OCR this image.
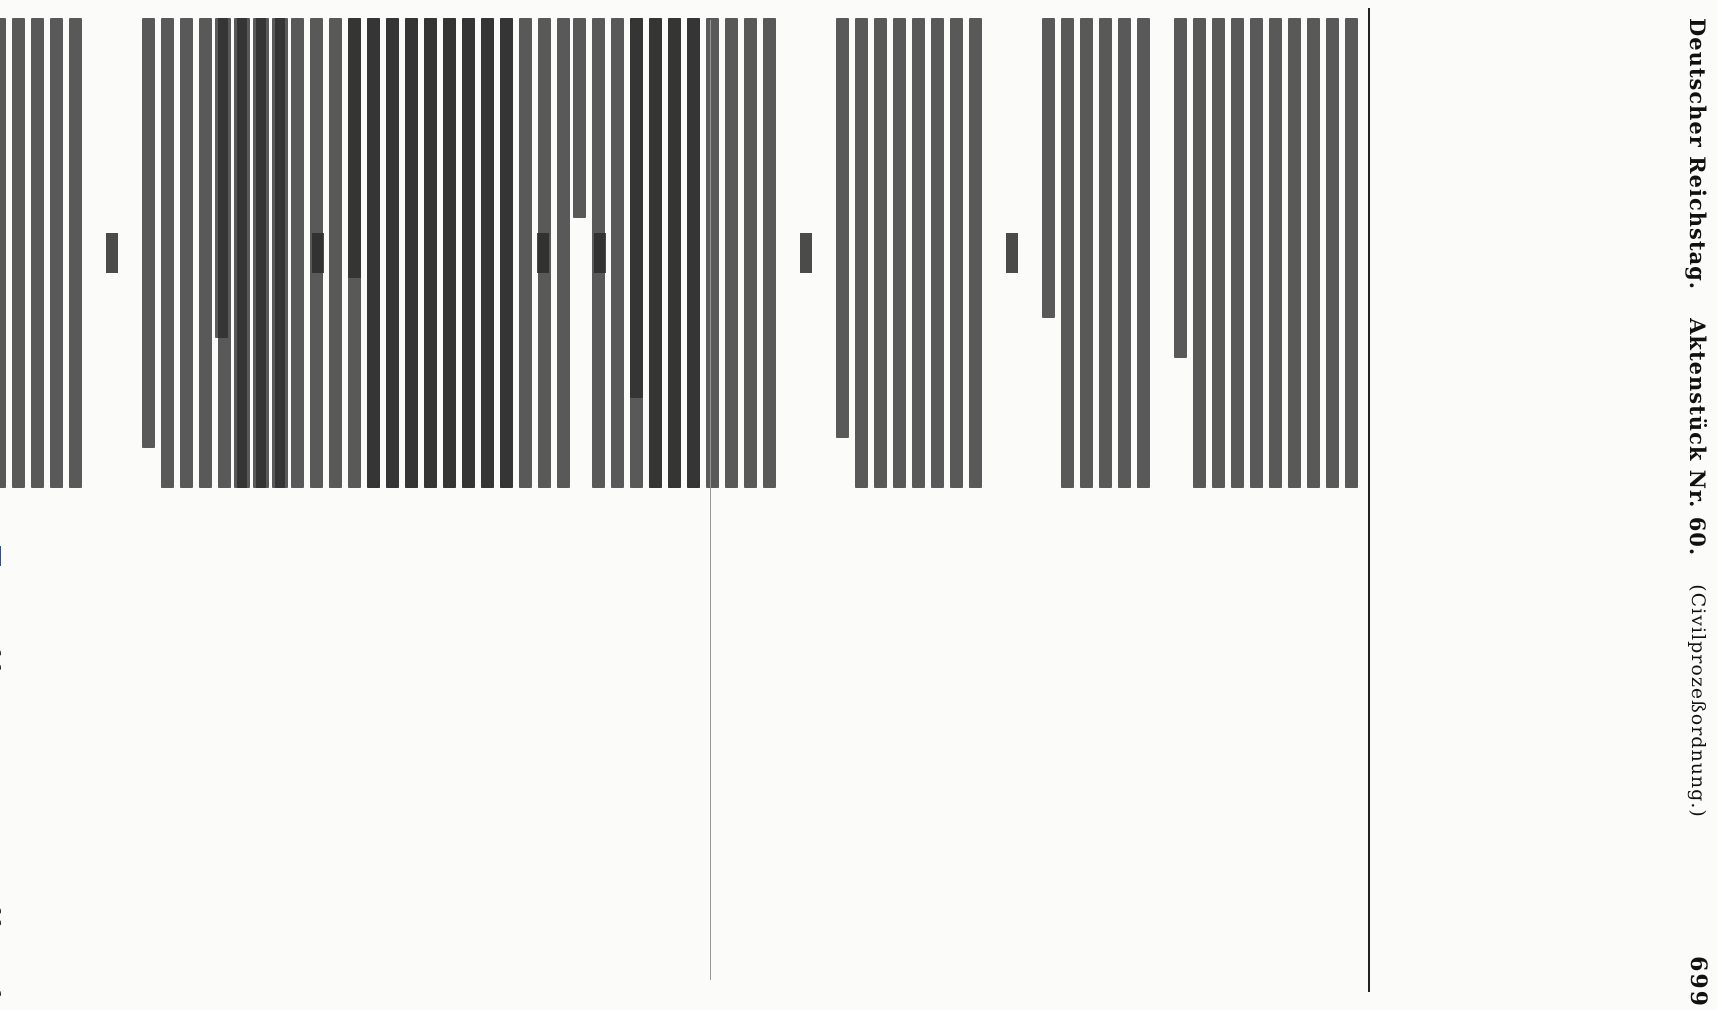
Deutscher Reichstag.
Aktenstück Nr. 60.
(Civilprozeßordnung.)
699
